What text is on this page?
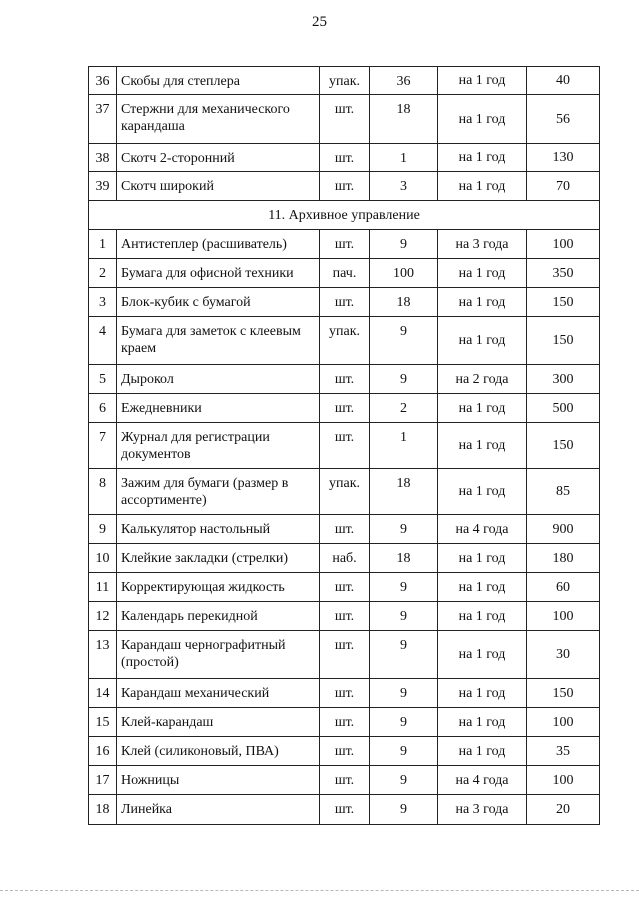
25
36	Скобы для степлера	упак.	36	на 1 год	40
37	Стержни для механического карандаша	шт.	18	на 1 год	56
38	Скотч 2-сторонний	шт.	1	на 1 год	130
39	Скотч широкий	шт.	3	на 1 год	70
11. Архивное управление					
1	Антистеплер (расшиватель)	шт.	9	на 3 года	100
2	Бумага для офисной техники	пач.	100	на 1 год	350
3	Блок-кубик с бумагой	шт.	18	на 1 год	150
4	Бумага для заметок с клеевым краем	упак.	9	на 1 год	150
5	Дырокол	шт.	9	на 2 года	300
6	Ежедневники	шт.	2	на 1 год	500
7	Журнал для регистрации документов	шт.	1	на 1 год	150
8	Зажим для бумаги (размер в ассортименте)	упак.	18	на 1 год	85
9	Калькулятор настольный	шт.	9	на 4 года	900
10	Клейкие закладки (стрелки)	наб.	18	на 1 год	180
11	Корректирующая жидкость	шт.	9	на 1 год	60
12	Календарь перекидной	шт.	9	на 1 год	100
13	Карандаш чернографитный (простой)	шт.	9	на 1 год	30
14	Карандаш механический	шт.	9	на 1 год	150
15	Клей-карандаш	шт.	9	на 1 год	100
16	Клей (силиконовый, ПВА)	шт.	9	на 1 год	35
17	Ножницы	шт.	9	на 4 года	100
18	Линейка	шт.	9	на 3 года	20
